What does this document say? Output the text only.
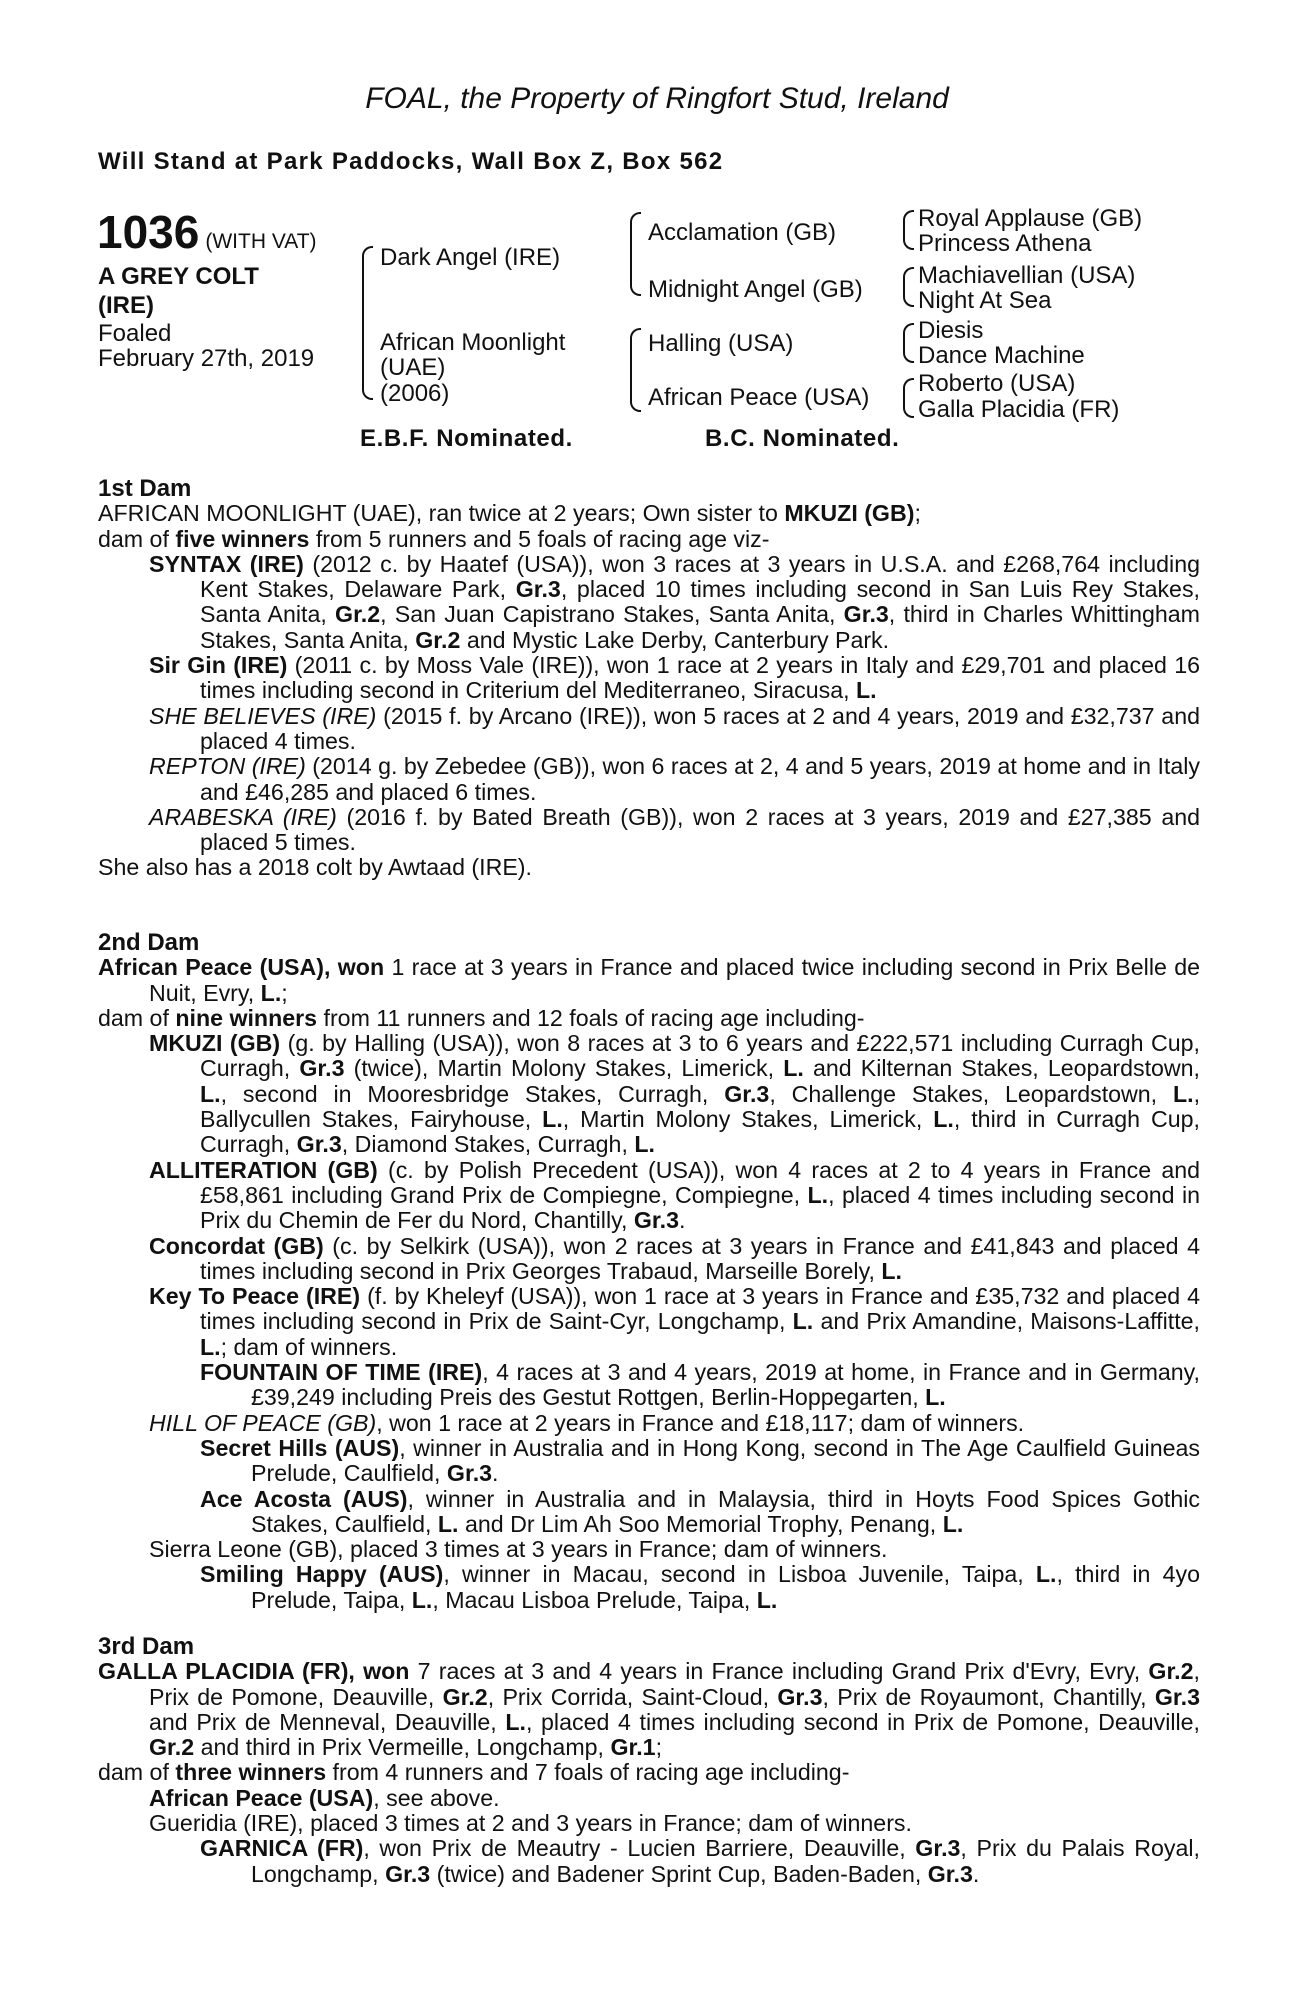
FOAL, the Property of Ringfort Stud, Ireland
Will Stand at Park Paddocks, Wall Box Z, Box 562
1036 (WITH VAT)
A GREY COLT
(IRE)
Foaled
February 27th, 2019
Dark Angel (IRE)
African Moonlight
(UAE)
(2006)
Acclamation (GB)
Midnight Angel (GB)
Halling (USA)
African Peace (USA)
Royal Applause (GB)
Princess Athena
Machiavellian (USA)
Night At Sea
Diesis
Dance Machine
Roberto (USA)
Galla Placidia (FR)
E.B.F. Nominated.	B.C. Nominated.
1st Dam

AFRICAN MOONLIGHT (UAE), ran twice at 2 years; Own sister to MKUZI (GB);

dam of five winners from 5 runners and 5 foals of racing age viz-

SYNTAX (IRE) (2012 c. by Haatef (USA)), won 3 races at 3 years in U.S.A. and £268,764 including Kent Stakes, Delaware Park, Gr.3, placed 10 times including second in San Luis Rey Stakes, Santa Anita, Gr.2, San Juan Capistrano Stakes, Santa Anita, Gr.3, third in Charles Whittingham Stakes, Santa Anita, Gr.2 and Mystic Lake Derby, Canterbury Park.

Sir Gin (IRE) (2011 c. by Moss Vale (IRE)), won 1 race at 2 years in Italy and £29,701 and placed 16 times including second in Criterium del Mediterraneo, Siracusa, L.

SHE BELIEVES (IRE) (2015 f. by Arcano (IRE)), won 5 races at 2 and 4 years, 2019 and £32,737 and placed 4 times.

REPTON (IRE) (2014 g. by Zebedee (GB)), won 6 races at 2, 4 and 5 years, 2019 at home and in Italy and £46,285 and placed 6 times.

ARABESKA (IRE) (2016 f. by Bated Breath (GB)), won 2 races at 3 years, 2019 and £27,385 and placed 5 times.

She also has a 2018 colt by Awtaad (IRE).

2nd Dam

African Peace (USA), won 1 race at 3 years in France and placed twice including second in Prix Belle de Nuit, Evry, L.;

dam of nine winners from 11 runners and 12 foals of racing age including-

MKUZI (GB) (g. by Halling (USA)), won 8 races at 3 to 6 years and £222,571 including Curragh Cup, Curragh, Gr.3 (twice), Martin Molony Stakes, Limerick, L. and Kilternan Stakes, Leopardstown, L., second in Mooresbridge Stakes, Curragh, Gr.3, Challenge Stakes, Leopardstown, L., Ballycullen Stakes, Fairyhouse, L., Martin Molony Stakes, Limerick, L., third in Curragh Cup, Curragh, Gr.3, Diamond Stakes, Curragh, L.

ALLITERATION (GB) (c. by Polish Precedent (USA)), won 4 races at 2 to 4 years in France and £58,861 including Grand Prix de Compiegne, Compiegne, L., placed 4 times including second in Prix du Chemin de Fer du Nord, Chantilly, Gr.3.

Concordat (GB) (c. by Selkirk (USA)), won 2 races at 3 years in France and £41,843 and placed 4 times including second in Prix Georges Trabaud, Marseille Borely, L.

Key To Peace (IRE) (f. by Kheleyf (USA)), won 1 race at 3 years in France and £35,732 and placed 4 times including second in Prix de Saint-Cyr, Longchamp, L. and Prix Amandine, Maisons-Laffitte, L.; dam of winners.

FOUNTAIN OF TIME (IRE), 4 races at 3 and 4 years, 2019 at home, in France and in Germany, £39,249 including Preis des Gestut Rottgen, Berlin-Hoppegarten, L.

HILL OF PEACE (GB), won 1 race at 2 years in France and £18,117; dam of winners.

Secret Hills (AUS), winner in Australia and in Hong Kong, second in The Age Caulfield Guineas Prelude, Caulfield, Gr.3.

Ace Acosta (AUS), winner in Australia and in Malaysia, third in Hoyts Food Spices Gothic Stakes, Caulfield, L. and Dr Lim Ah Soo Memorial Trophy, Penang, L.

Sierra Leone (GB), placed 3 times at 3 years in France; dam of winners.

Smiling Happy (AUS), winner in Macau, second in Lisboa Juvenile, Taipa, L., third in 4yo Prelude, Taipa, L., Macau Lisboa Prelude, Taipa, L.

3rd Dam

GALLA PLACIDIA (FR), won 7 races at 3 and 4 years in France including Grand Prix d'Evry, Evry, Gr.2, Prix de Pomone, Deauville, Gr.2, Prix Corrida, Saint-Cloud, Gr.3, Prix de Royaumont, Chantilly, Gr.3 and Prix de Menneval, Deauville, L., placed 4 times including second in Prix de Pomone, Deauville, Gr.2 and third in Prix Vermeille, Longchamp, Gr.1;

dam of three winners from 4 runners and 7 foals of racing age including-

African Peace (USA), see above.

Gueridia (IRE), placed 3 times at 2 and 3 years in France; dam of winners.

GARNICA (FR), won Prix de Meautry - Lucien Barriere, Deauville, Gr.3, Prix du Palais Royal, Longchamp, Gr.3 (twice) and Badener Sprint Cup, Baden-Baden, Gr.3.
